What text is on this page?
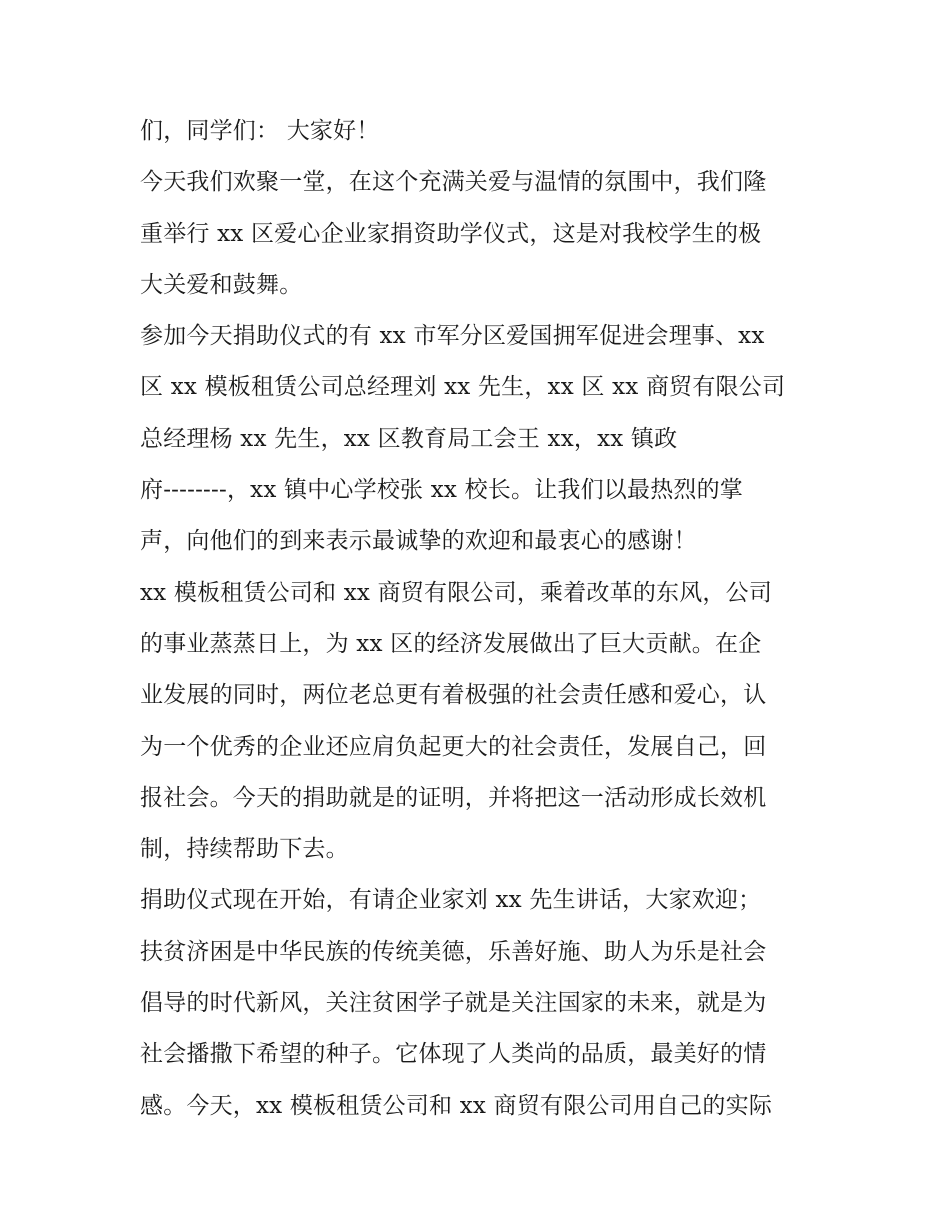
们，同学们： 大家好！
今天我们欢聚一堂，在这个充满关爱与温情的氛围中，我们隆
重举行 xx 区爱心企业家捐资助学仪式，这是对我校学生的极
大关爱和鼓舞。
参加今天捐助仪式的有 xx 市军分区爱国拥军促进会理事、xx
区 xx 模板租赁公司总经理刘 xx 先生，xx 区 xx 商贸有限公司
总经理杨 xx 先生，xx 区教育局工会王 xx，xx 镇政
府--------，xx 镇中心学校张 xx 校长。让我们以最热烈的掌
声，向他们的到来表示最诚挚的欢迎和最衷心的感谢！
xx 模板租赁公司和 xx 商贸有限公司，乘着改革的东风，公司
的事业蒸蒸日上，为 xx 区的经济发展做出了巨大贡献。在企
业发展的同时，两位老总更有着极强的社会责任感和爱心，认
为一个优秀的企业还应肩负起更大的社会责任，发展自己，回
报社会。今天的捐助就是的证明，并将把这一活动形成长效机
制，持续帮助下去。
捐助仪式现在开始，有请企业家刘 xx 先生讲话，大家欢迎；
扶贫济困是中华民族的传统美德，乐善好施、助人为乐是社会
倡导的时代新风，关注贫困学子就是关注国家的未来，就是为
社会播撒下希望的种子。它体现了人类尚的品质，最美好的情
感。今天，xx 模板租赁公司和 xx 商贸有限公司用自己的实际
